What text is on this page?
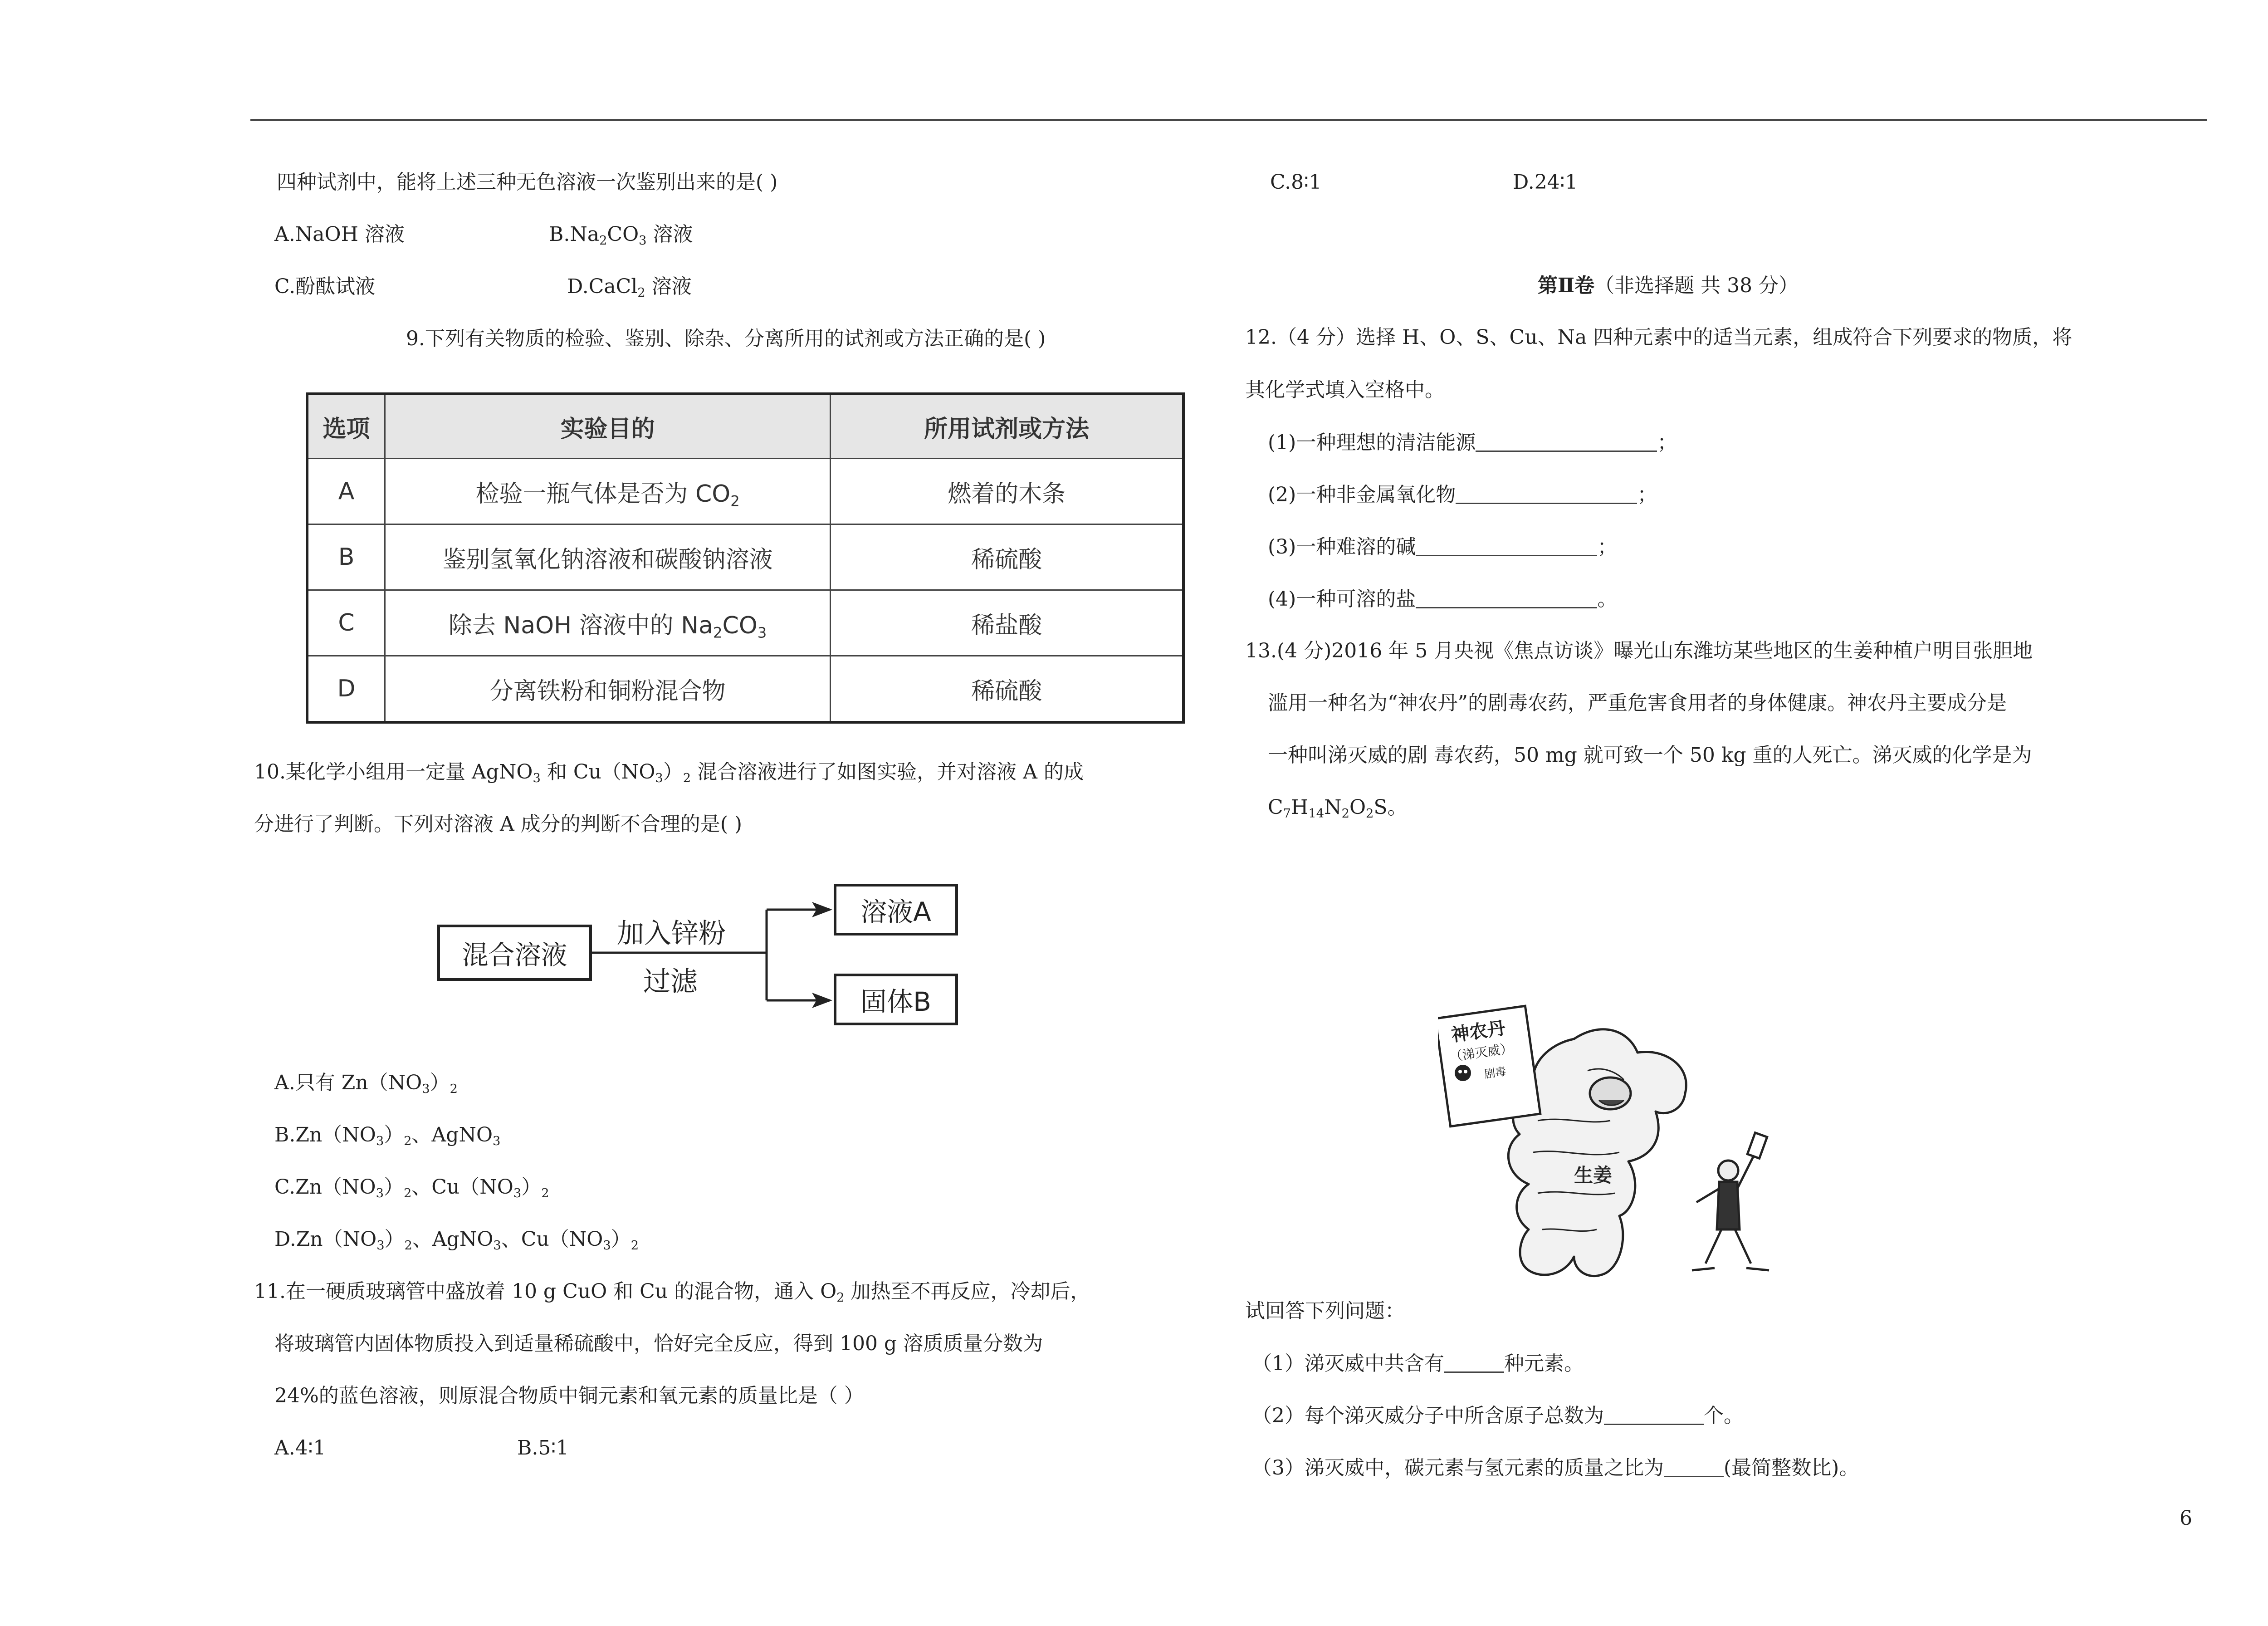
四种试剂中，能将上述三种无色溶液一次鉴别出来的是( )
A.NaOH 溶液	$B.Na_2CO_3$ 溶液
C.酚酞试液	D.CaCl$_2$ 溶液
9.下列有关物质的检验、鉴别、除杂、分离所用的试剂或方法正确的是( )
选项	实验目的	所用试剂或方法
A	检验一瓶气体是否为 $CO_2$	燃着的木条
B	鉴别氢氧化钠溶液和碳酸钠溶液	稀硫酸
C	除去 NaOH 溶液中的 $Na_2CO_3$	稀盐酸
D	分离铁粉和铜粉混合物	稀硫酸
10.某化学小组用一定量 AgNO$_3$ 和 $Cu(NO_3)_2$ 混合溶液进行了如图实验，并对溶液 A 的成
分进行了判断。下列对溶液 A 成分的判断不合理的是( )
混合溶液
加入锌粉
过滤
溶液A
固体B
A.只有 $Zn(NO_3)_2$
$B.Zn(NO_3)_2$、AgNO$_3$
$C.Zn(NO_3)_2$、$Cu(NO_3)_2$
$D.Zn(NO_3)_2$、AgNO$_3$、$Cu(NO_3)_2$
11.在一硬质玻璃管中盛放着 10 g CuO 和 Cu 的混合物，通入 $O_2$ 加热至不再反应，冷却后，
将玻璃管内固体物质投入到适量稀硫酸中，恰好完全反应，得到 100 g 溶质质量分数为
24%的蓝色溶液，则原混合物质中铜元素和氧元素的质量比是（ ）
A.4∶1	B.5∶1
C.8∶1	D.24∶1
第Ⅱ卷（非选择题 共 38 分）
12.（4 分）选择 H、O、S、Cu、Na 四种元素中的适当元素，组成符合下列要求的物质，将
其化学式填入空格中。
(1)一种理想的清洁能源	；
(2)一种非金属氧化物	；
(3)一种难溶的碱	；
(4)一种可溶的盐	。
13.(4 分)2016 年 5 月央视《焦点访谈》曝光山东潍坊某些地区的生姜种植户明目张胆地
滥用一种名为“神农丹”的剧毒农药，严重危害食用者的身体健康。神农丹主要成分是
一种叫涕灭威的剧 毒农药，50 mg 就可致一个 50 kg 重的人死亡。涕灭威的化学是为
$C_7H_{14}N_2O_2S$。
神农丹
（涕灭威）
剧毒
生姜
试回答下列问题：
（1）涕灭威中共含有	种元素。
（2）每个涕灭威分子中所含原子总数为	个。
（3）涕灭威中，碳元素与氢元素的质量之比为	(最简整数比)。
6
